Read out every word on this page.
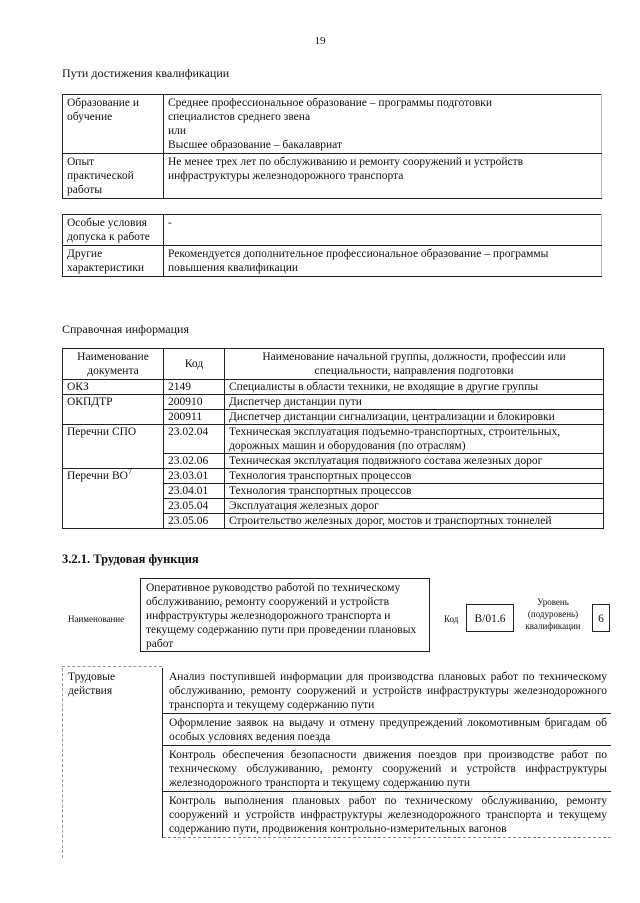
19
Пути достижения квалификации
Образование и обучение	Среднее профессиональное образование – программы подготовки
специалистов среднего звена
или
Высшее образование – бакалавриат

Опыт практической работы	Не менее трех лет по обслуживанию и ремонту сооружений и устройств
инфраструктуры железнодорожного транспорта
Особые условия допуска к работе	-
Другие характеристики	Рекомендуется дополнительное профессиональное образование – программы
повышения квалификации
Справочная информация
Наименование документа	Код	Наименование начальной группы, должности, профессии или специальности, направления подготовки
ОКЗ	2149	Специалисты в области техники, не входящие в другие группы
ОКПДТР	200910	Диспетчер дистанции пути
	200911	Диспетчер дистанции сигнализации, централизации и блокировки
Перечни СПО	23.02.04	Техническая эксплуатация подъемно-транспортных, строительных, дорожных машин и оборудования (по отраслям)
	23.02.06	Техническая эксплуатация подвижного состава железных дорог
Перечни $ВО^7$	23.03.01	Технология транспортных процессов
	23.04.01	Технология транспортных процессов
	23.05.04	Эксплуатация железных дорог
	23.05.06	Строительство железных дорог, мостов и транспортных тоннелей
3.2.1. Трудовая функция
Наименование
Оперативное руководство работой по техническому обслуживанию, ремонту сооружений и устройств инфраструктуры железнодорожного транспорта и текущему содержанию пути при проведении плановых работ
Код	B/01.6
Уровень (подуровень) квалификации
6
Трудовые действия
Анализ поступившей информации для производства плановых работ по техническому обслуживанию, ремонту сооружений и устройств инфраструктуры железнодорожного транспорта и текущему содержанию пути
Оформление заявок на выдачу и отмену предупреждений локомотивным бригадам об особых условиях ведения поезда
Контроль обеспечения безопасности движения поездов при производстве работ по техническому обслуживанию, ремонту сооружений и устройств инфраструктуры железнодорожного транспорта и текущему содержанию пути
Контроль выполнения плановых работ по техническому обслуживанию, ремонту сооружений и устройств инфраструктуры железнодорожного транспорта и текущему содержанию пути, продвижения контрольно-измерительных вагонов
